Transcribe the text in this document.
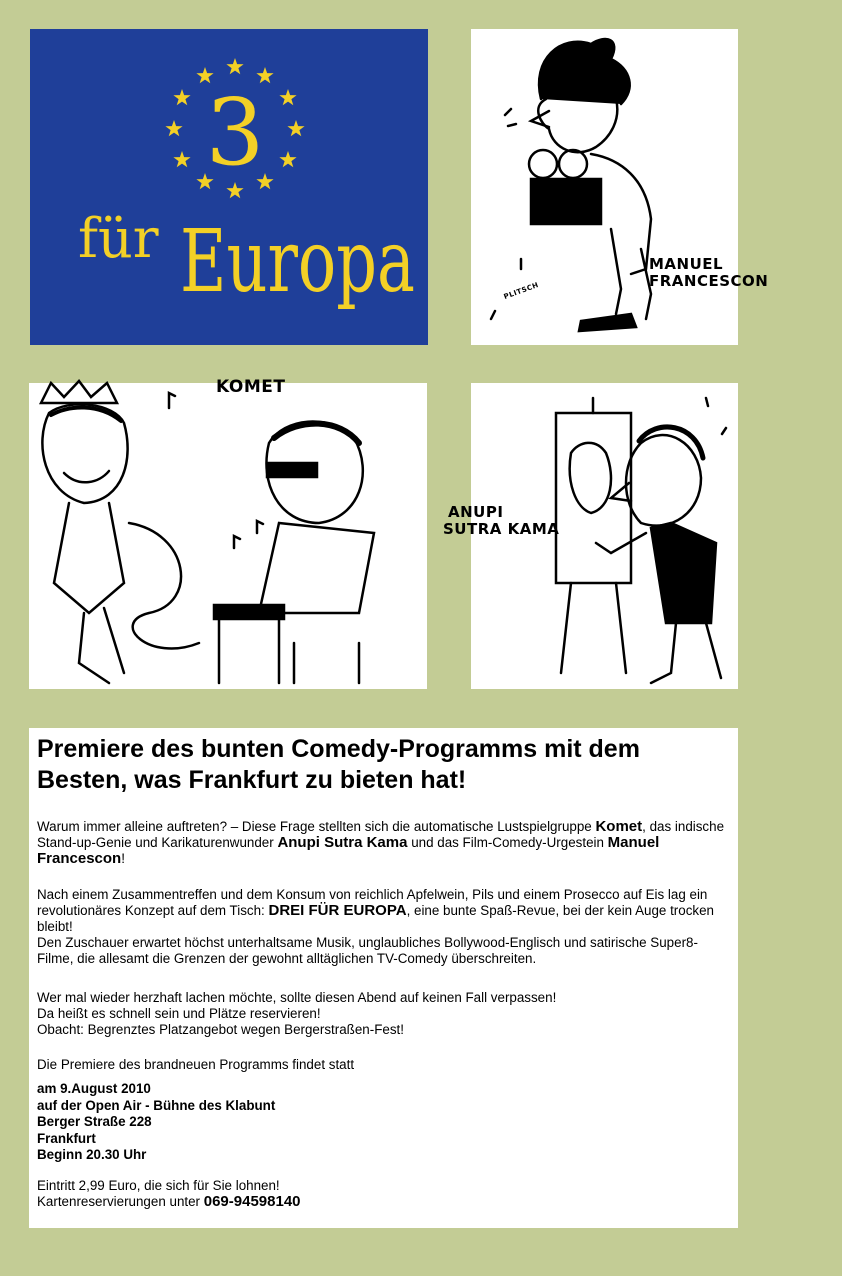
3
für Europa	MANUEL
FRANCESCON
PLITSCH
KOMET
ANUPI
SUTRA KAMA
Premiere des bunten Comedy-Programms mit dem Besten, was Frankfurt zu bieten hat!

Warum immer alleine auftreten? – Diese Frage stellten sich die automatische Lustspielgruppe Komet, das indische Stand-up-Genie und Karikaturenwunder Anupi Sutra Kama und das Film-Comedy-Urgestein Manuel Francescon!

Nach einem Zusammentreffen und dem Konsum von reichlich Apfelwein, Pils und einem Prosecco auf Eis lag ein revolutionäres Konzept auf dem Tisch: DREI FÜR EUROPA, eine bunte Spaß-Revue, bei der kein Auge trocken bleibt!
Den Zuschauer erwartet höchst unterhaltsame Musik, unglaubliches Bollywood-Englisch und satirische Super8-Filme, die allesamt die Grenzen der gewohnt alltäglichen TV-Comedy überschreiten.

Wer mal wieder herzhaft lachen möchte, sollte diesen Abend auf keinen Fall verpassen!
Da heißt es schnell sein und Plätze reservieren!
Obacht: Begrenztes Platzangebot wegen Bergerstraßen-Fest!

Die Premiere des brandneuen Programms findet statt

am 9.August 2010
auf der Open Air - Bühne des Klabunt
Berger Straße 228
Frankfurt
Beginn 20.30 Uhr

Eintritt 2,99 Euro, die sich für Sie lohnen!
Kartenreservierungen unter 069-94598140
